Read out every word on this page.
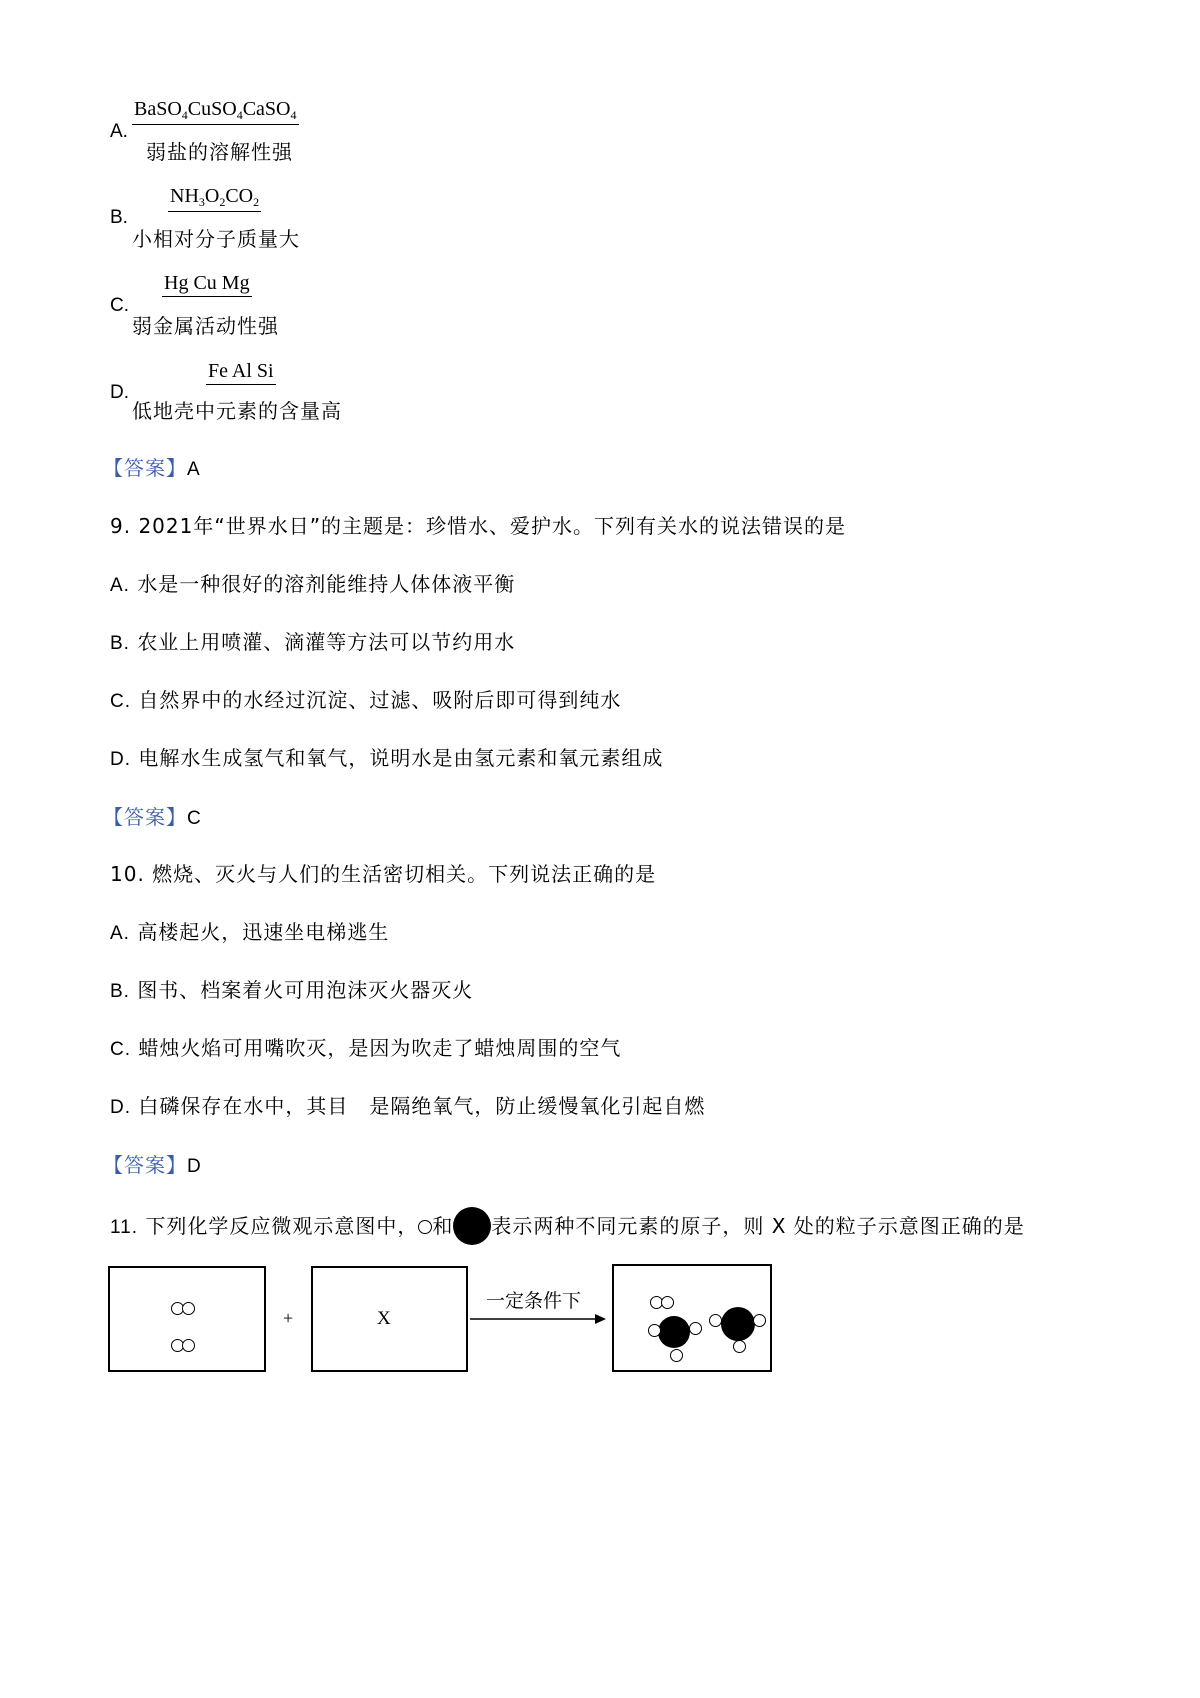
A.
BaSO$_4$CuSO$_4$CaSO$_4$
弱盐的溶解性强
B.
$NH_3O_2CO_2$
小相对分子质量大
C.
Hg Cu Mg
弱金属活动性强
D.
Fe Al Si
低地壳中元素的含量高
【答案】A
9. 2021年“世界水日”的主题是：珍惜水、爱护水。下列有关水的说法错误的是
A. 水是一种很好的溶剂能维持人体体液平衡
B. 农业上用喷灌、滴灌等方法可以节约用水
C. 自然界中的水经过沉淀、过滤、吸附后即可得到纯水
D. 电解水生成氢气和氧气，说明水是由氢元素和氧元素组成
【答案】C
10. 燃烧、灭火与人们的生活密切相关。下列说法正确的是
A. 高楼起火，迅速坐电梯逃生
B. 图书、档案着火可用泡沫灭火器灭火
C. 蜡烛火焰可用嘴吹灭，是因为吹走了蜡烛周围的空气
D. 白磷保存在水中，其目　是隔绝氧气，防止缓慢氧化引起自燃
【答案】D
11. 下列化学反应微观示意图中， 和 表示两种不同元素的原子，则 X 处的粒子示意图正确的是
+	X
一定条件下
